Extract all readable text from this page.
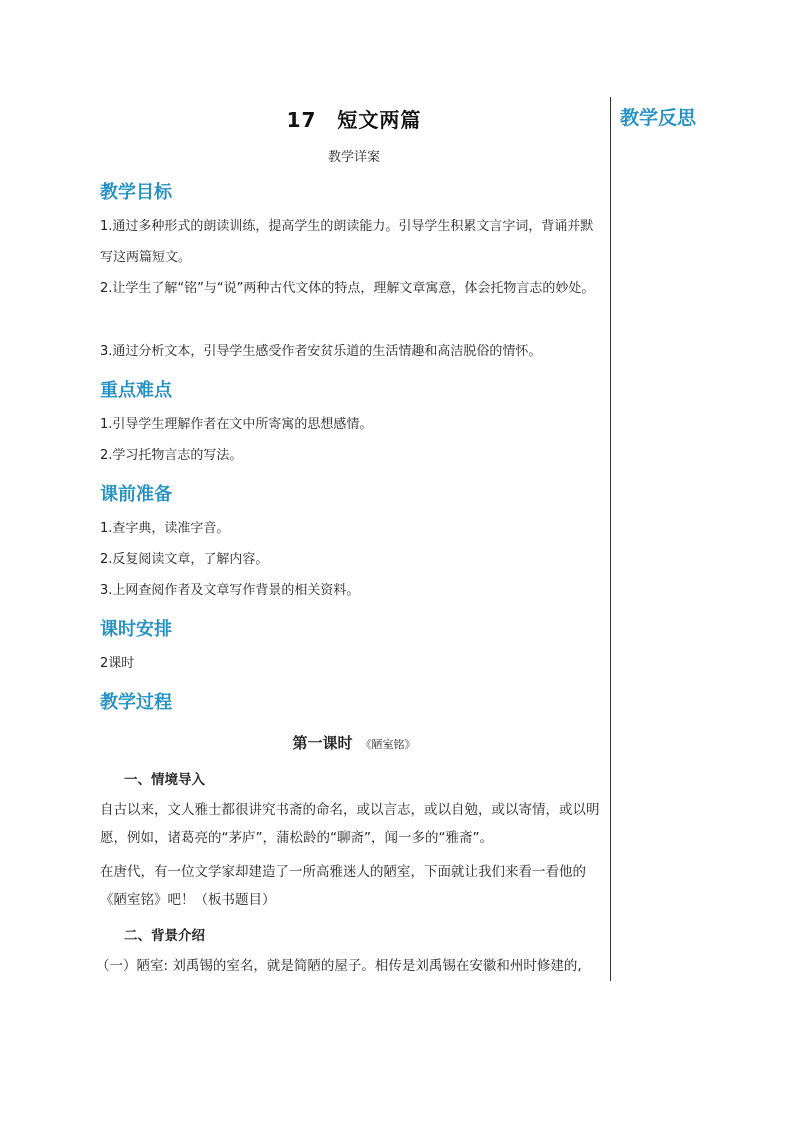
教学反思
17　短文两篇
教学详案
教学目标
1.通过多种形式的朗读训练，提高学生的朗读能力。引导学生积累文言字词，背诵并默写这两篇短文。
2.让学生了解“铭”与“说”两种古代文体的特点，理解文章寓意，体会托物言志的妙处。
3.通过分析文本，引导学生感受作者安贫乐道的生活情趣和高洁脱俗的情怀。
重点难点
1.引导学生理解作者在文中所寄寓的思想感情。
2.学习托物言志的写法。
课前准备
1.查字典，读准字音。
2.反复阅读文章，了解内容。
3.上网查阅作者及文章写作背景的相关资料。
课时安排
2课时
教学过程
第一课时 《陋室铭》
一、情境导入
自古以来，文人雅士都很讲究书斋的命名，或以言志，或以自勉，或以寄情，或以明愿，例如，诸葛亮的“茅庐”，蒲松龄的“聊斋”，闻一多的“雅斋”。
在唐代，有一位文学家却建造了一所高雅迷人的陋室，下面就让我们来看一看他的《陋室铭》吧！（板书题目）
二、背景介绍
（一）陋室: 刘禹锡的室名，就是简陋的屋子。相传是刘禹锡在安徽和州时修建的,
